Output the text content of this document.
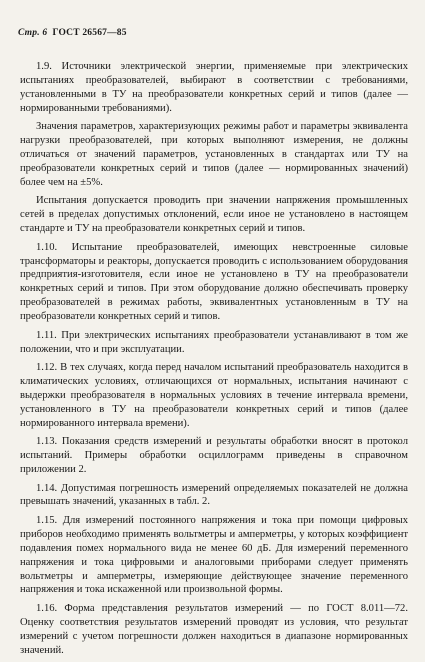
Стр. 6 ГОСТ 26567—85

1.9. Источники электрической энергии, применяемые при электрических испытаниях преобразователей, выбирают в соответствии с требованиями, установленными в ТУ на преобразователи конкретных серий и типов (далее — нормированными требованиями).

Значения параметров, характеризующих режимы работ и параметры эквивалента нагрузки преобразователей, при которых выполняют измерения, не должны отличаться от значений параметров, установленных в стандартах или ТУ на преобразователи конкретных серий и типов (далее — нормированных значений) более чем на ±5%.

Испытания допускается проводить при значении напряжения промышленных сетей в пределах допустимых отклонений, если иное не установлено в настоящем стандарте и ТУ на преобразователи конкретных серий и типов.

1.10. Испытание преобразователей, имеющих невстроенные силовые трансформаторы и реакторы, допускается проводить с использованием оборудования предприятия-изготовителя, если иное не установлено в ТУ на преобразователи конкретных серий и типов. При этом оборудование должно обеспечивать проверку преобразователей в режимах работы, эквивалентных установленным в ТУ на преобразователи конкретных серий и типов.

1.11. При электрических испытаниях преобразователи устанавливают в том же положении, что и при эксплуатации.

1.12. В тех случаях, когда перед началом испытаний преобразователь находится в климатических условиях, отличающихся от нормальных, испытания начинают с выдержки преобразователя в нормальных условиях в течение интервала времени, установленного в ТУ на преобразователи конкретных серий и типов (далее нормированного интервала времени).

1.13. Показания средств измерений и результаты обработки вносят в протокол испытаний. Примеры обработки осциллограмм приведены в справочном приложении 2.

1.14. Допустимая погрешность измерений определяемых показателей не должна превышать значений, указанных в табл. 2.

1.15. Для измерений постоянного напряжения и тока при помощи цифровых приборов необходимо применять вольтметры и амперметры, у которых коэффициент подавления помех нормального вида не менее 60 дБ. Для измерений переменного напряжения и тока цифровыми и аналоговыми приборами следует применять вольтметры и амперметры, измеряющие действующее значение переменного напряжения и тока искаженной или произвольной формы.

1.16. Форма представления результатов измерений — по ГОСТ 8.011—72. Оценку соответствия результатов измерений проводят из условия, что результат измерений с учетом погрешности должен находиться в диапазоне нормированных значений.
